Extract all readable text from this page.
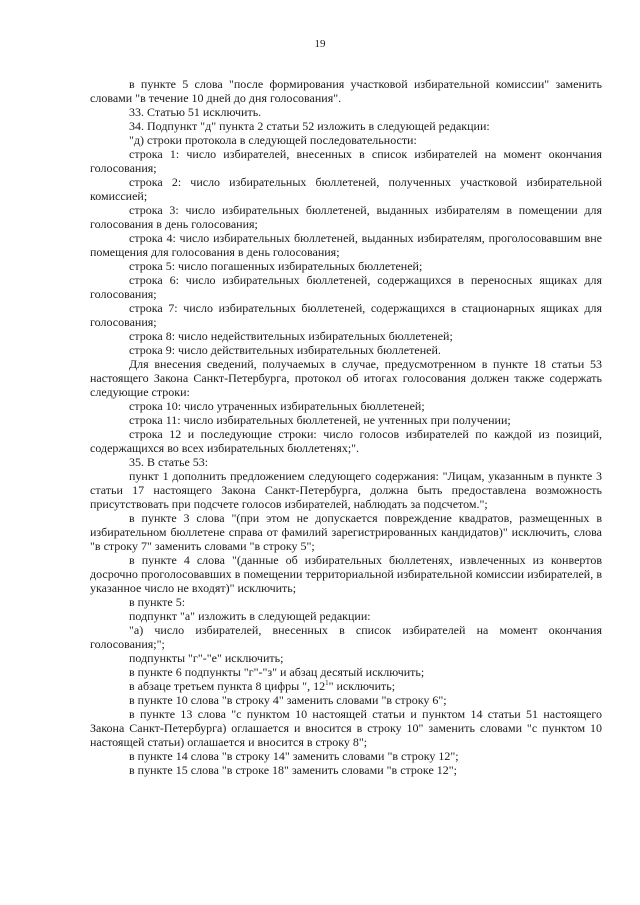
19

в пункте 5 слова "после формирования участковой избирательной комиссии" заменить словами "в течение 10 дней до дня голосования".

33. Статью 51 исключить.

34. Подпункт "д" пункта 2 статьи 52 изложить в следующей редакции:

"д) строки протокола в следующей последовательности:

строка 1: число избирателей, внесенных в список избирателей на момент окончания голосования;

строка 2: число избирательных бюллетеней, полученных участковой избирательной комиссией;

строка 3: число избирательных бюллетеней, выданных избирателям в помещении для голосования в день голосования;

строка 4: число избирательных бюллетеней, выданных избирателям, проголосовавшим вне помещения для голосования в день голосования;

строка 5: число погашенных избирательных бюллетеней;

строка 6: число избирательных бюллетеней, содержащихся в переносных ящиках для голосования;

строка 7: число избирательных бюллетеней, содержащихся в стационарных ящиках для голосования;

строка 8: число недействительных избирательных бюллетеней;

строка 9: число действительных избирательных бюллетеней.

Для внесения сведений, получаемых в случае, предусмотренном в пункте 18 статьи 53 настоящего Закона Санкт-Петербурга, протокол об итогах голосования должен также содержать следующие строки:

строка 10: число утраченных избирательных бюллетеней;

строка 11: число избирательных бюллетеней, не учтенных при получении;

строка 12 и последующие строки: число голосов избирателей по каждой из позиций, содержащихся во всех избирательных бюллетенях;".

35. В статье 53:

пункт 1 дополнить предложением следующего содержания: "Лицам, указанным в пункте 3 статьи 17 настоящего Закона Санкт-Петербурга, должна быть предоставлена возможность присутствовать при подсчете голосов избирателей, наблюдать за подсчетом.";

в пункте 3 слова "(при этом не допускается повреждение квадратов, размещенных в избирательном бюллетене справа от фамилий зарегистрированных кандидатов)" исключить, слова "в строку 7" заменить словами "в строку 5";

в пункте 4 слова "(данные об избирательных бюллетенях, извлеченных из конвертов досрочно проголосовавших в помещении территориальной избирательной комиссии избирателей, в указанное число не входят)" исключить;

в пункте 5:

подпункт "а" изложить в следующей редакции:

"а) число избирателей, внесенных в список избирателей на момент окончания голосования;";

подпункты "г"-"е" исключить;

в пункте 6 подпункты "г"-"з" и абзац десятый исключить;

в абзаце третьем пункта 8 цифры ", $12^1$" исключить;

в пункте 10 слова "в строку 4" заменить словами "в строку 6";

в пункте 13 слова "с пунктом 10 настоящей статьи и пунктом 14 статьи 51 настоящего Закона Санкт-Петербурга) оглашается и вносится в строку 10" заменить словами "с пунктом 10 настоящей статьи) оглашается и вносится в строку 8";

в пункте 14 слова "в строку 14" заменить словами "в строку 12";

в пункте 15 слова "в строке 18" заменить словами "в строке 12";
